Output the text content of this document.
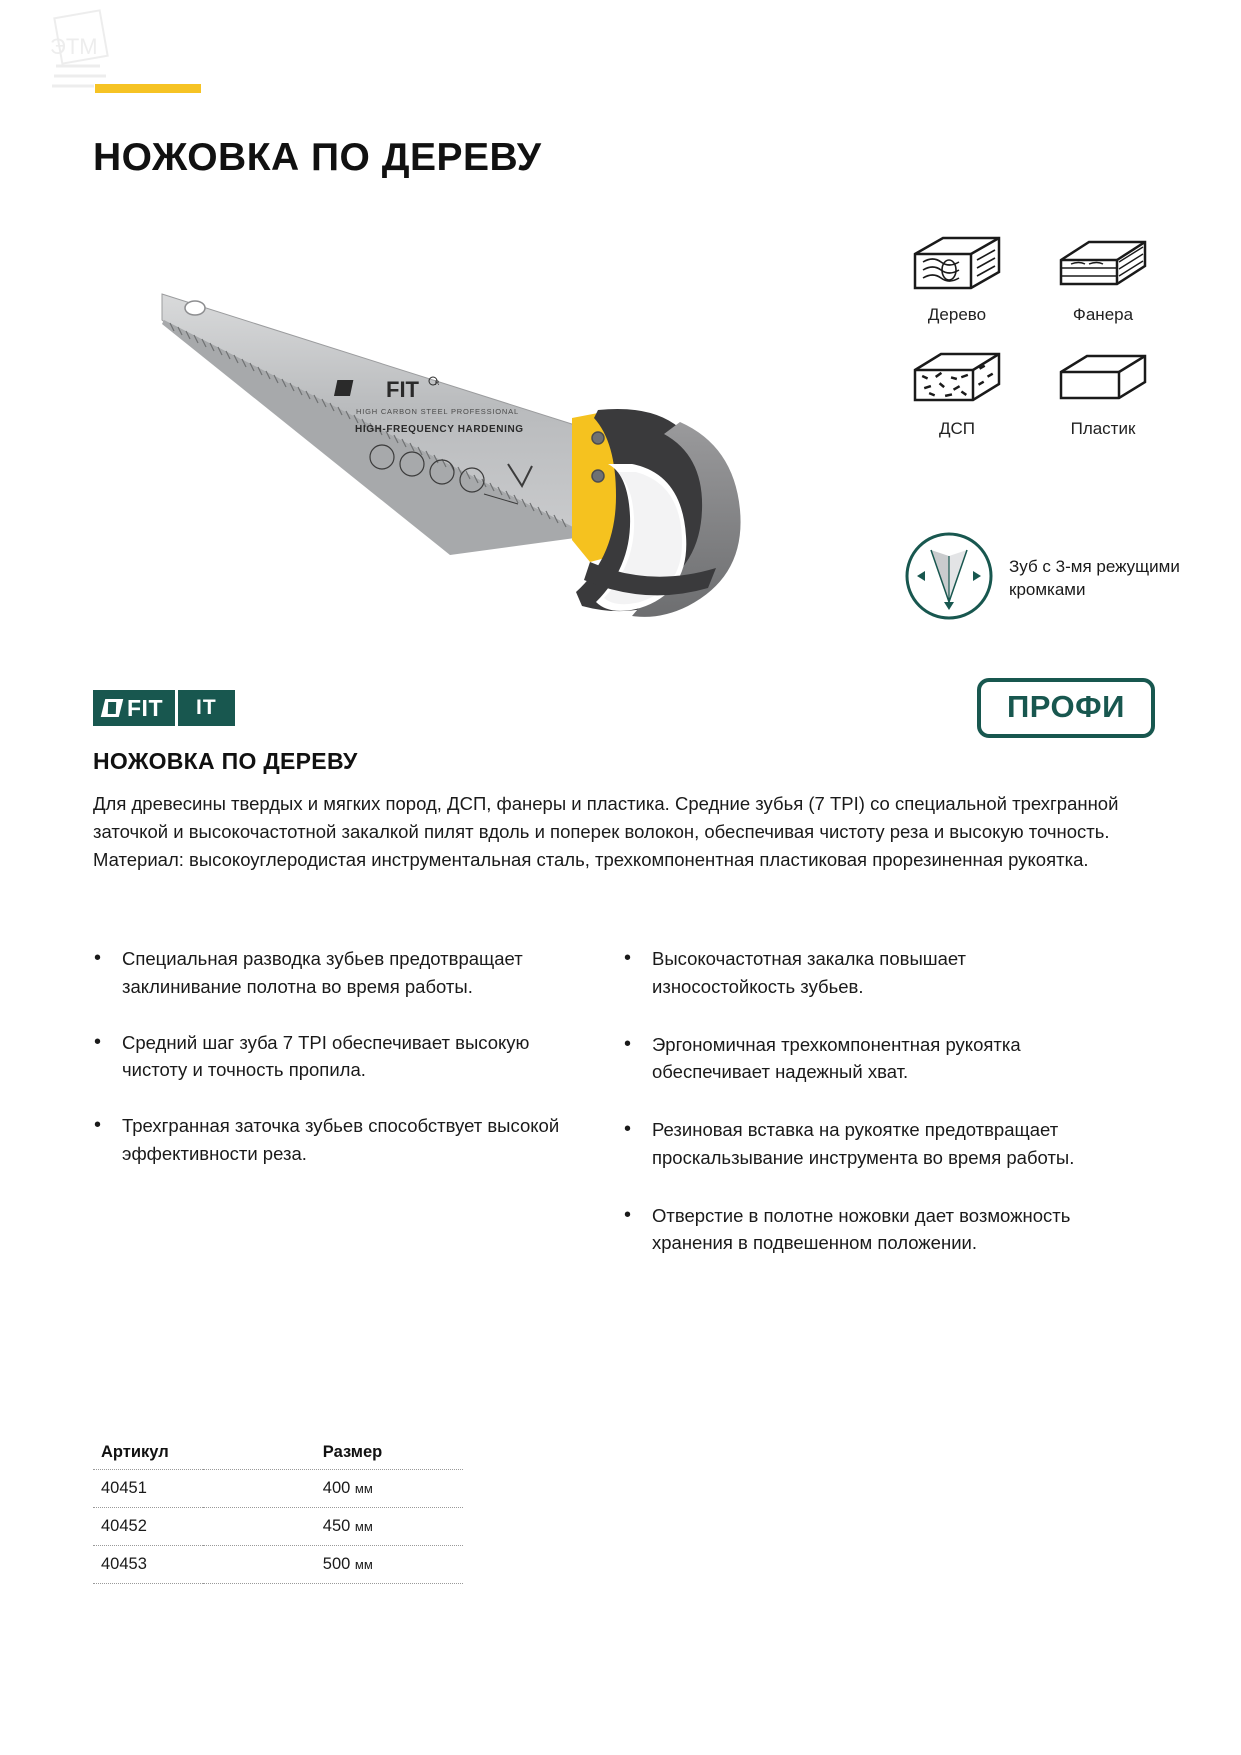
ЭТМ
НОЖОВКА ПО ДЕРЕВУ
FIT	R
HIGH CARBON STEEL PROFESSIONAL
HIGH-FREQUENCY HARDENING
Дерево	Фанера
ДСП	Пластик
Зуб с 3-мя режущими кромками
FIT	IT	ПРОФИ
НОЖОВКА ПО ДЕРЕВУ
Для древесины твердых и мягких пород, ДСП, фанеры и пластика. Средние зубья (7 TPI) со специальной трехгранной заточкой и высокочастотной закалкой пилят вдоль и поперек волокон, обеспечивая чистоту реза и высокую точность. Материал: высокоуглеродистая инструментальная сталь, трехкомпонентная пластиковая прорезиненная рукоятка.
• Специальная разводка зубьев предотвращает заклинивание полотна во время работы.
• Средний шаг зуба 7 TPI обеспечивает высокую чистоту и точность пропила.
• Трехгранная заточка зубьев способствует высокой эффективности реза.
• Высокочастотная закалка повышает износостойкость зубьев.
• Эргономичная трехкомпонентная рукоятка обеспечивает надежный хват.
• Резиновая вставка на рукоятке предотвращает проскальзывание инструмента во время работы.
• Отверстие в полотне ножовки дает возможность хранения в подвешенном положении.
Артикул	Размер
40451	400 мм
40452	450 мм
40453	500 мм
